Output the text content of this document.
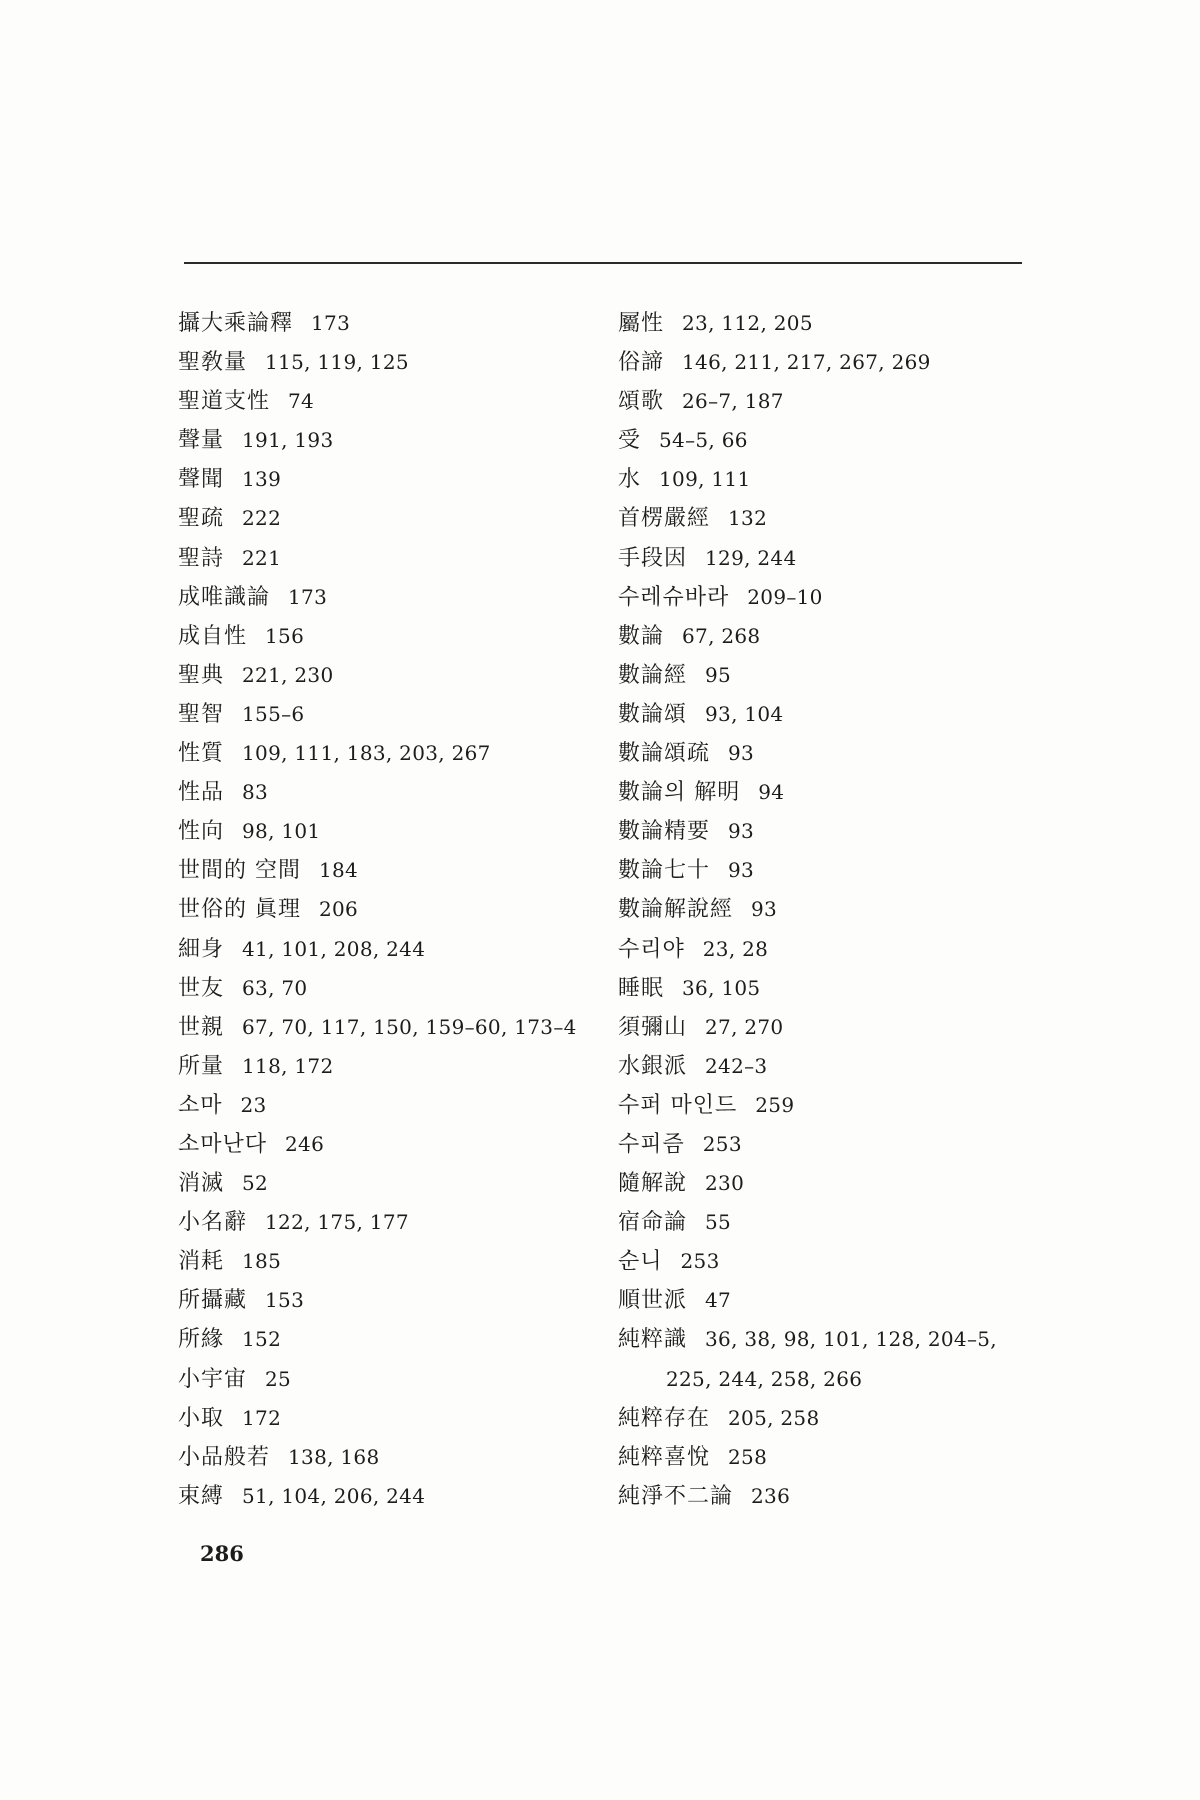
攝大乘論釋 173
聖敎量 115, 119, 125
聖道支性 74
聲量 191, 193
聲聞 139
聖疏 222
聖詩 221
成唯識論 173
成自性 156
聖典 221, 230
聖智 155–6
性質 109, 111, 183, 203, 267
性品 83
性向 98, 101
世間的 空間 184
世俗的 眞理 206
細身 41, 101, 208, 244
世友 63, 70
世親 67, 70, 117, 150, 159–60, 173–4
所量 118, 172
소마 23
소마난다 246
消滅 52
小名辭 122, 175, 177
消耗 185
所攝藏 153
所緣 152
小宇宙 25
小取 172
小品般若 138, 168
束縛 51, 104, 206, 244
屬性 23, 112, 205
俗諦 146, 211, 217, 267, 269
頌歌 26–7, 187
受 54–5, 66
水 109, 111
首楞嚴經 132
手段因 129, 244
수레슈바라 209–10
數論 67, 268
數論經 95
數論頌 93, 104
數論頌疏 93
數論의 解明 94
數論精要 93
數論七十 93
數論解說經 93
수리야 23, 28
睡眠 36, 105
須彌山 27, 270
水銀派 242–3
수퍼 마인드 259
수피즘 253
隨解說 230
宿命論 55
순니 253
順世派 47
純粹識 36, 38, 98, 101, 128, 204–5,
225, 244, 258, 266
純粹存在 205, 258
純粹喜悅 258
純淨不二論 236
286
